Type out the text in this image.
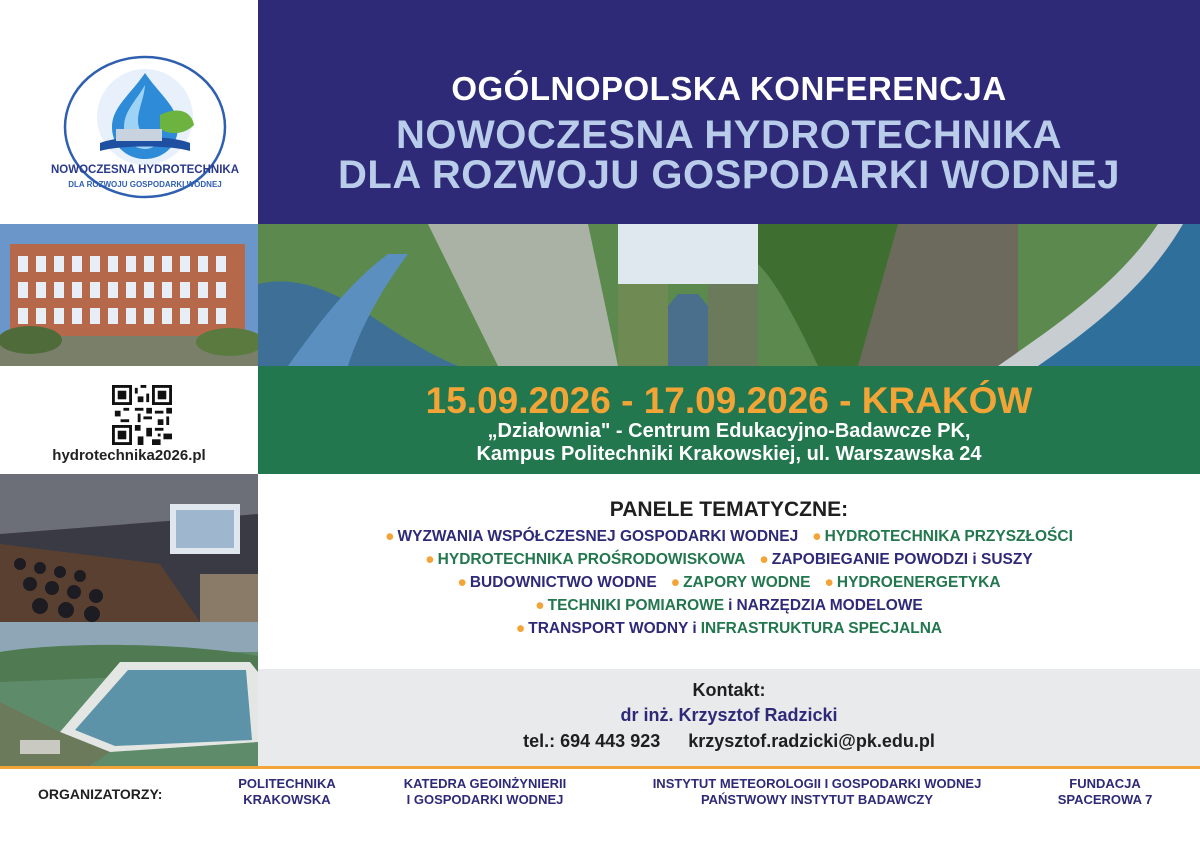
OGÓLNOPOLSKA KONFERENCJA
NOWOCZESNA HYDROTECHNIKA
DLA ROZWOJU GOSPODARKI WODNEJ
NOWOCZESNA HYDROTECHNIKA
DLA ROZWOJU GOSPODARKI WODNEJ
hydrotechnika2026.pl
15.09.2026 - 17.09.2026 - KRAKÓW
„Działownia" - Centrum Edukacyjno-Badawcze PK,
Kampus Politechniki Krakowskiej, ul. Warszawska 24
PANELE TEMATYCZNE:
● WYZWANIA WSPÓŁCZESNEJ GOSPODARKI WODNEJ ● HYDROTECHNIKA PRZYSZŁOŚCI
● HYDROTECHNIKA PROŚRODOWISKOWA ● ZAPOBIEGANIE POWODZI i SUSZY
● BUDOWNICTWO WODNE ● ZAPORY WODNE ● HYDROENERGETYKA
● TECHNIKI POMIAROWE i NARZĘDZIA MODELOWE
● TRANSPORT WODNY i INFRASTRUKTURA SPECJALNA
Kontakt:
dr inż. Krzysztof Radzicki
tel.: 694 443 923 krzysztof.radzicki@pk.edu.pl
ORGANIZATORZY:
POLITECHNIKA
KRAKOWSKA
KATEDRA GEOINŻYNIERII
I GOSPODARKI WODNEJ
INSTYTUT METEOROLOGII I GOSPODARKI WODNEJ
PAŃSTWOWY INSTYTUT BADAWCZY
FUNDACJA
SPACEROWA 7
